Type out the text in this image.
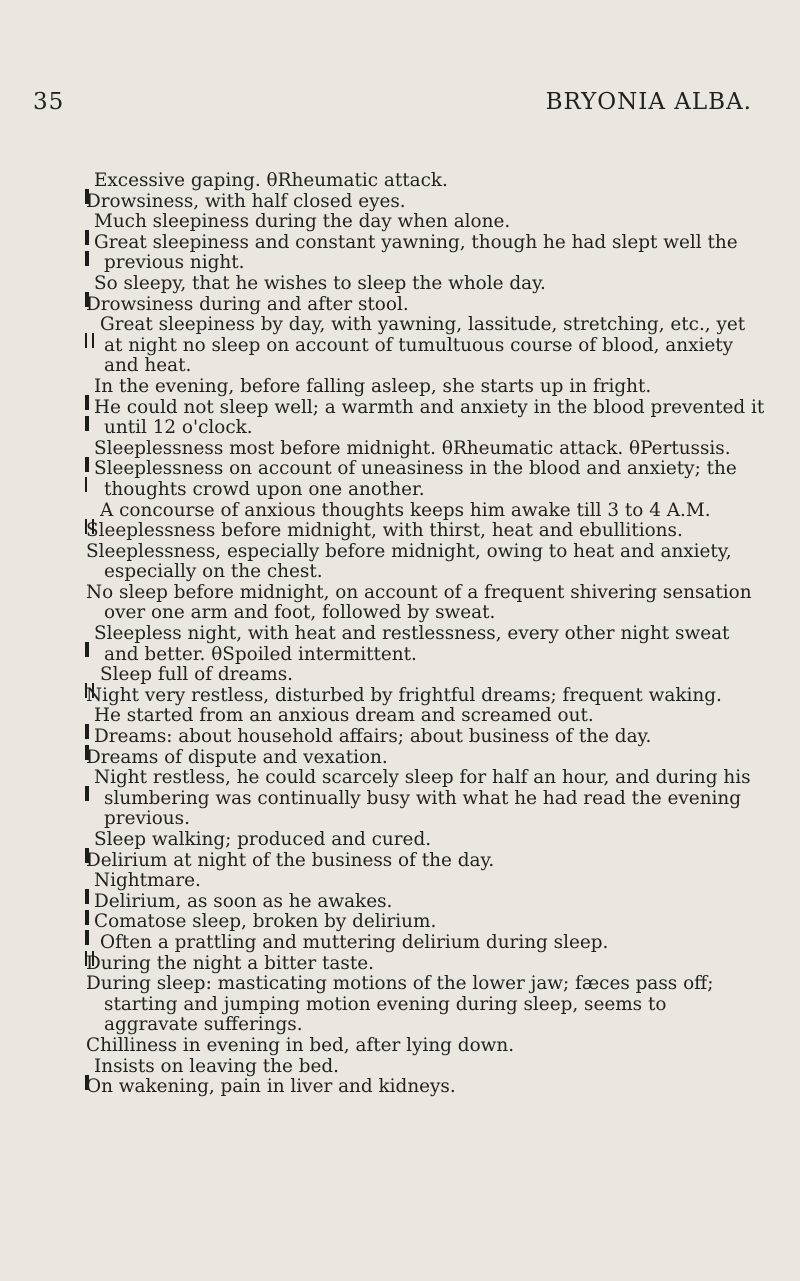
35	BRYONIA ALBA.

Excessive gaping. θRheumatic attack.

Drowsiness, with half closed eyes.

Much sleepiness during the day when alone.

Great sleepiness and constant yawning, though he had slept well the previous night.

So sleepy, that he wishes to sleep the whole day.

Drowsiness during and after stool.

Great sleepiness by day, with yawning, lassitude, stretching, etc., yet at night no sleep on account of tumultuous course of blood, anxiety and heat.

In the evening, before falling asleep, she starts up in fright.

He could not sleep well; a warmth and anxiety in the blood prevented it until 12 o'clock.

Sleeplessness most before midnight. θRheumatic attack. θPertussis.

Sleeplessness on account of uneasiness in the blood and anxiety; the thoughts crowd upon one another.

A concourse of anxious thoughts keeps him awake till 3 to 4 A.M.

Sleeplessness before midnight, with thirst, heat and ebullitions.

Sleeplessness, especially before midnight, owing to heat and anxiety, especially on the chest.

No sleep before midnight, on account of a frequent shivering sensation over one arm and foot, followed by sweat.

Sleepless night, with heat and restlessness, every other night sweat and better. θSpoiled intermittent.

Sleep full of dreams.

Night very restless, disturbed by frightful dreams; frequent waking.

He started from an anxious dream and screamed out.

Dreams: about household affairs; about business of the day.

Dreams of dispute and vexation.

Night restless, he could scarcely sleep for half an hour, and during his slumbering was continually busy with what he had read the evening previous.

Sleep walking; produced and cured.

Delirium at night of the business of the day.

Nightmare.

Delirium, as soon as he awakes.

Comatose sleep, broken by delirium.

Often a prattling and muttering delirium during sleep.

During the night a bitter taste.

During sleep: masticating motions of the lower jaw; fæces pass off; starting and jumping motion evening during sleep, seems to aggravate sufferings.

Chilliness in evening in bed, after lying down.

Insists on leaving the bed.

On wakening, pain in liver and kidneys.
